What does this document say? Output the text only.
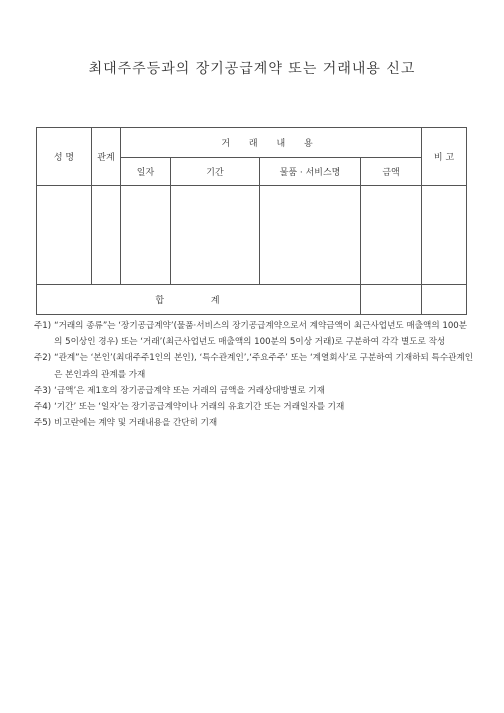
최대주주등과의 장기공급계약 또는 거래내용 신고
성 명	관계	거 래 내 용				비 고
		일자	기간	물품 · 서비스명	금액	

합 계						
주1) “거래의 종류”는 ‘장기공급계약’(물품·서비스의 장기공급계약으로서 계약금액이 최근사업년도 매출액의 100분의 5이상인 경우) 또는 ‘거래’(최근사업년도 매출액의 100분의 5이상 거래)로 구분하여 각각 별도로 작성
주2) “관계”는 ‘본인’(최대주주1인의 본인), ‘특수관계인’,‘주요주주’ 또는 ‘계열회사’로 구분하여 기재하되 특수관계인은 본인과의 관계를 가재
주3) ‘금액’은 제1호의 장기공급계약 또는 거래의 금액을 거래상대방별로 기재
주4) ‘기간’ 또는 ‘일자’는 장기공급계약이나 거래의 유효기간 또는 거래일자를 기재
주5) 비고란에는 계약 및 거래내용을 간단히 기재
